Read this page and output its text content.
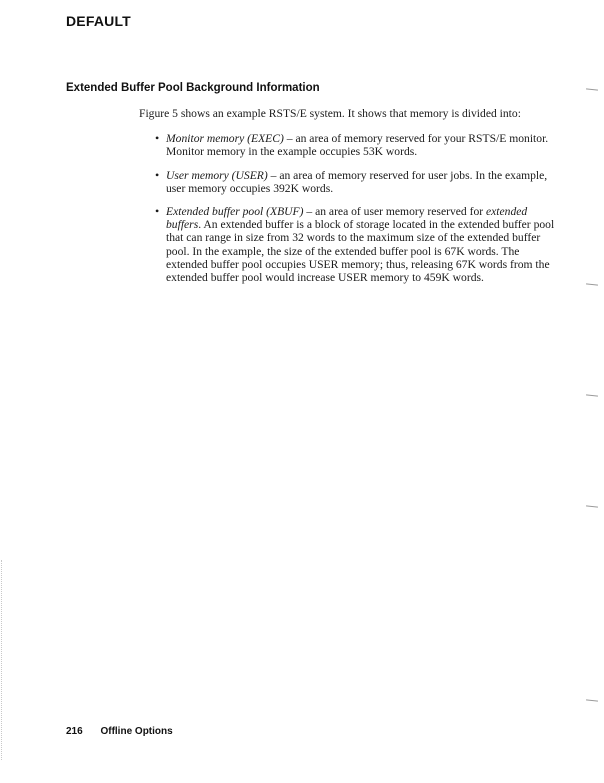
DEFAULT
Extended Buffer Pool Background Information

Figure 5 shows an example RSTS/E system. It shows that memory is divided into:

• Monitor memory (EXEC) – an area of memory reserved for your RSTS/E monitor. Monitor memory in the example occupies 53K words.
• User memory (USER) – an area of memory reserved for user jobs. In the example, user memory occupies 392K words.
• Extended buffer pool (XBUF) – an area of user memory reserved for extended buffers. An extended buffer is a block of storage located in the extended buffer pool that can range in size from 32 words to the maximum size of the extended buffer pool. In the example, the size of the extended buffer pool is 67K words. The extended buffer pool occupies USER memory; thus, releasing 67K words from the extended buffer pool would increase USER memory to 459K words.
216 Offline Options
